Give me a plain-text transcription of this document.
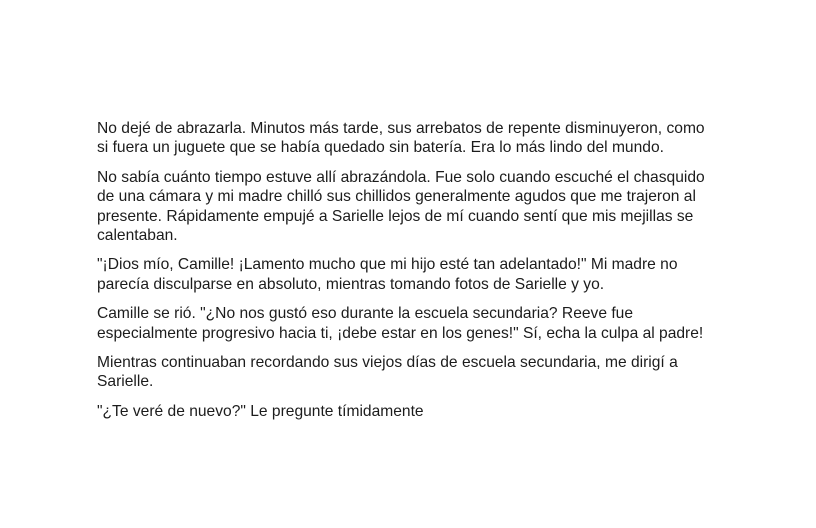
No dejé de abrazarla. Minutos más tarde, sus arrebatos de repente disminuyeron, como
si fuera un juguete que se había quedado sin batería. Era lo más lindo del mundo.

No sabía cuánto tiempo estuve allí abrazándola. Fue solo cuando escuché el chasquido
de una cámara y mi madre chilló sus chillidos generalmente agudos que me trajeron al
presente. Rápidamente empujé a Sarielle lejos de mí cuando sentí que mis mejillas se
calentaban.

"¡Dios mío, Camille! ¡Lamento mucho que mi hijo esté tan adelantado!" Mi madre no
parecía disculparse en absoluto, mientras tomando fotos de Sarielle y yo.

Camille se rió. "¿No nos gustó eso durante la escuela secundaria? Reeve fue
especialmente progresivo hacia ti, ¡debe estar en los genes!" Sí, echa la culpa al padre!

Mientras continuaban recordando sus viejos días de escuela secundaria, me dirigí a
Sarielle.

"¿Te veré de nuevo?" Le pregunte tímidamente
